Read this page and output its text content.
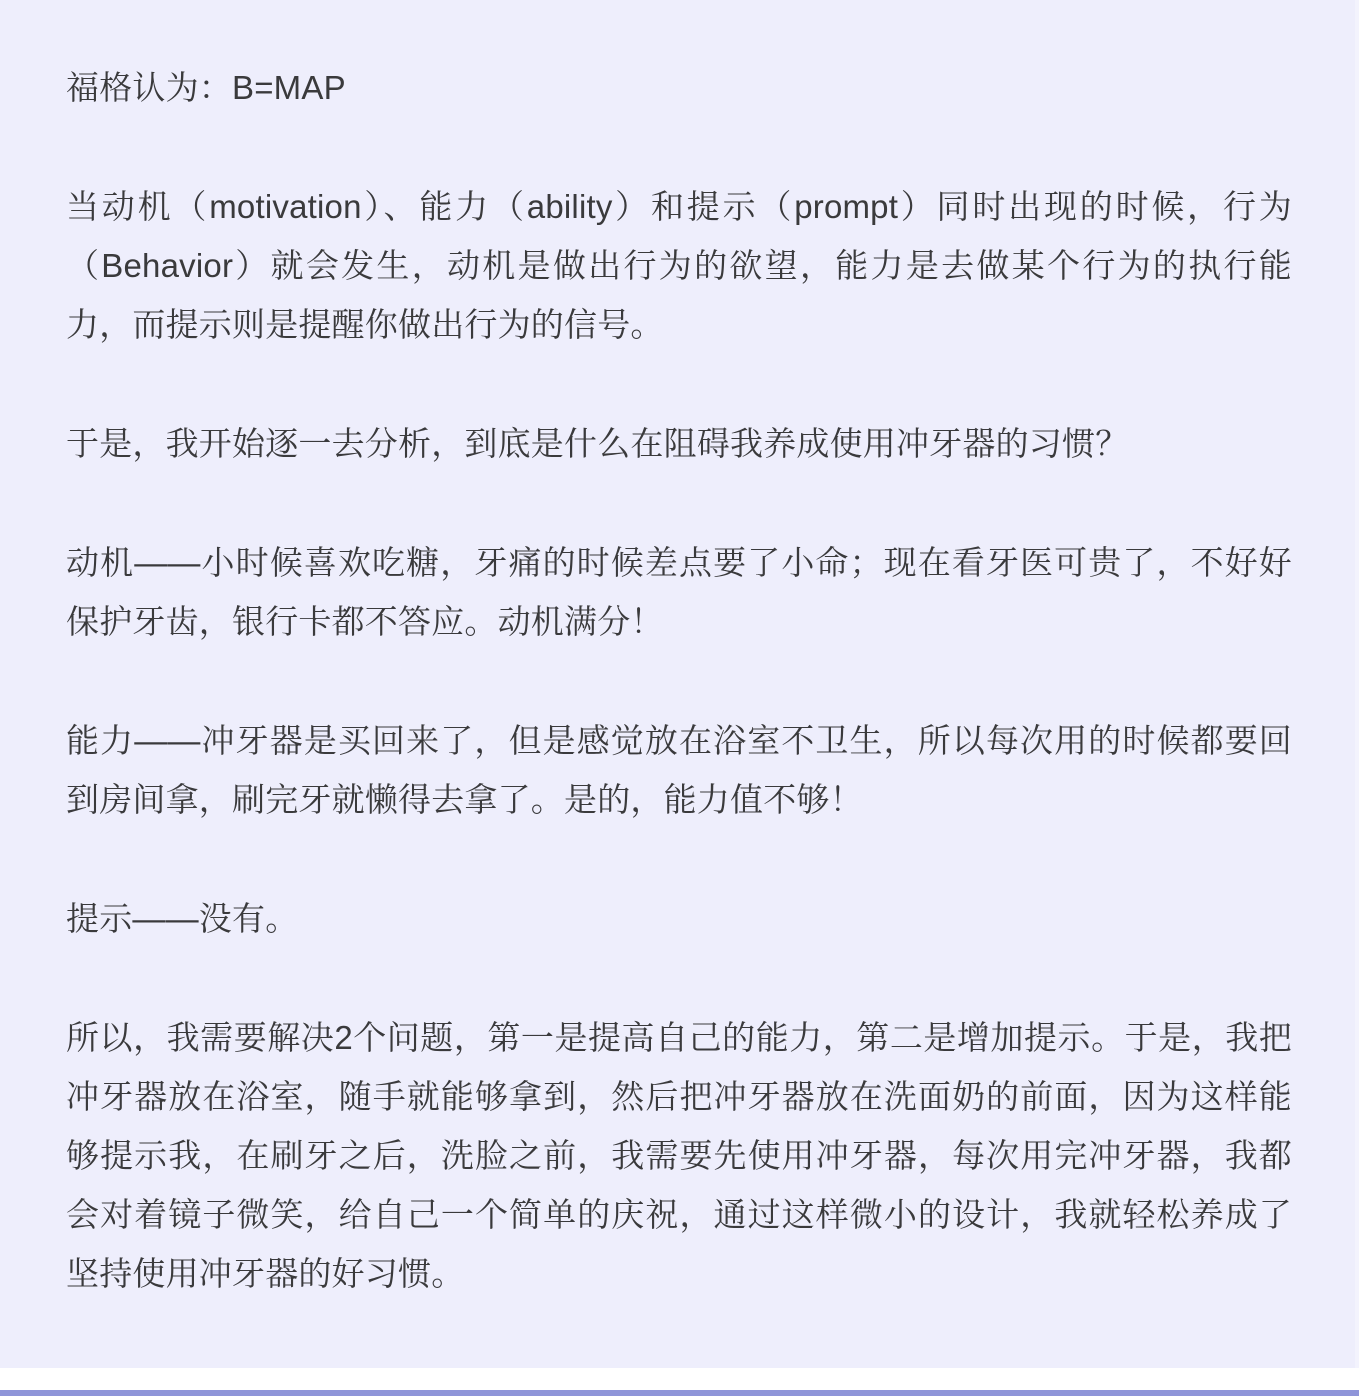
福格认为：B=MAP

当动机（motivation）、能力（ability）和提示（prompt）同时出现的时候，行为（Behavior）就会发生，动机是做出行为的欲望，能力是去做某个行为的执行能力，而提示则是提醒你做出行为的信号。

于是，我开始逐一去分析，到底是什么在阻碍我养成使用冲牙器的习惯？

动机——小时候喜欢吃糖，牙痛的时候差点要了小命；现在看牙医可贵了，不好好保护牙齿，银行卡都不答应。动机满分！

能力——冲牙器是买回来了，但是感觉放在浴室不卫生，所以每次用的时候都要回到房间拿，刷完牙就懒得去拿了。是的，能力值不够！

提示——没有。

所以，我需要解决2个问题，第一是提高自己的能力，第二是增加提示。于是，我把冲牙器放在浴室，随手就能够拿到，然后把冲牙器放在洗面奶的前面，因为这样能够提示我，在刷牙之后，洗脸之前，我需要先使用冲牙器，每次用完冲牙器，我都会对着镜子微笑，给自己一个简单的庆祝，通过这样微小的设计，我就轻松养成了坚持使用冲牙器的好习惯。
